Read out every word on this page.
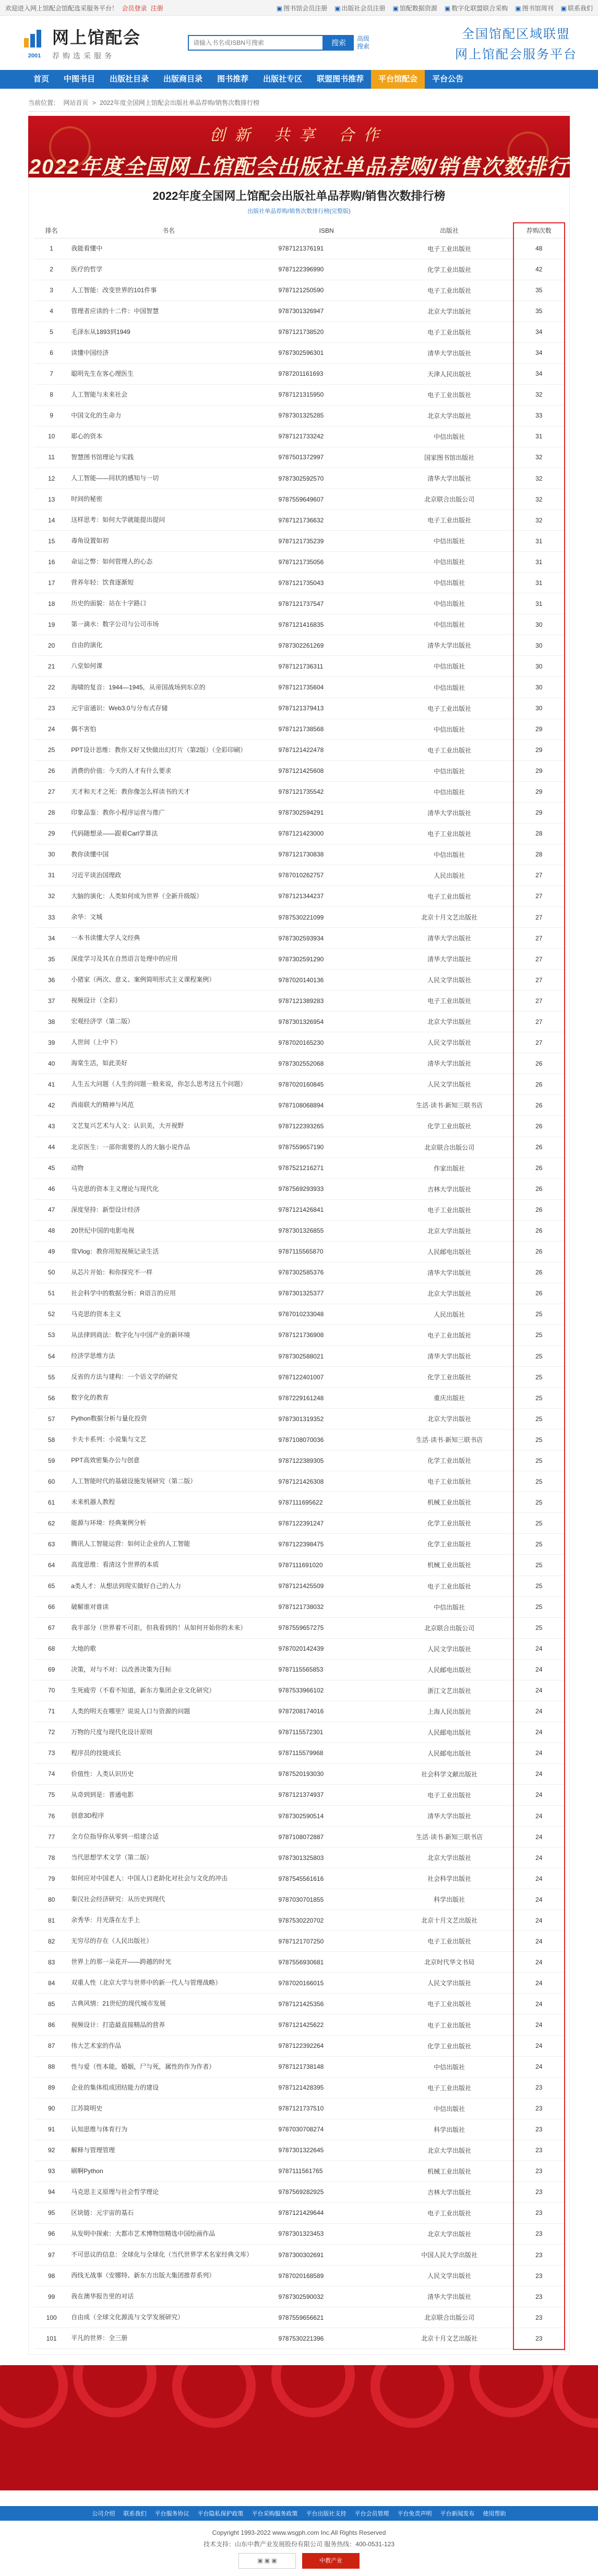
欢迎进入网上馆配会馆配选采服务平台！ 会员登录 注册	▣ 图书馆会员注册 ▣ 出版社会员注册 ▣ 馆配数据资源 ▣ 数字化联盟联合采购 ▣ 图书馆周刊 ▣ 联系我们
2001
网上馆配会
荐购选采服务
请输入书名或ISBN号搜索
搜索	高级搜索
全国馆配区域联盟
网上馆配会服务平台
首页	中图书目	出版社目录	出版商目录	图书推荐	出版社专区	联盟图书推荐	平台馆配会	平台公告
当前位置： 网站首页 > 2022年度全国网上馆配会出版社单品荐购/销售次数排行榜
创新 共享 合作
2022年度全国网上馆配会出版社单品荐购/销售次数排行
2022年度全国网上馆配会出版社单品荐购/销售次数排行榜
出版社单品荐购/销售次数排行榜(完整版)
排名	书名	ISBN	出版社	荐购次数
1	我能看懂中	9787121376191	电子工业出版社	48
2	医疗的哲学	9787122396990	化学工业出版社	42
3	人工智能：改变世界的101件事	9787121250590	电子工业出版社	35
4	管理者应读的十二件：中国智慧	9787301326947	北京大学出版社	35
5	毛泽东从1893到1949	9787121738520	电子工业出版社	34
6	读懂中国经济	9787302596301	清华大学出版社	34
7	聪明先生在客心理医生	9787201161693	天津人民出版社	34
8	人工智能与未来社会	9787121315950	电子工业出版社	32
9	中国文化的生命力	9787301325285	北京大学出版社	33
10	耶心的资本	9787121733242	中信出版社	31
11	智慧图书馆理论与实践	9787501372997	国家图书馆出版社	32
12	人工智能——同状的感知与一切	9787302592570	清华大学出版社	32
13	时间的秘密	9787559649607	北京联合出版公司	32
14	这样思考：如何大学就能提出提问	9787121736632	电子工业出版社	32
15	毒角设置如初	9787121735239	中信出版社	31
16	命运之弊：如何管理人的心态	9787121735056	中信出版社	31
17	营养年轻：饮食逐渐短	9787121735043	中信出版社	31
18	历史的面貌：站在十字路口	9787121737547	中信出版社	31
19	第一滴水：数字公司与公司市场	9787121416835	中信出版社	30
20	自由的演化	9787302261269	清华大学出版社	30
21	八堂如何课	9787121736311	中信出版社	30
22	海啸的复音：1944—1945，从帝国战场到东京的	9787121735604	中信出版社	30
23	元宇宙通识：Web3.0与分布式存储	9787121379413	电子工业出版社	30
24	偶不害怕	9787121738568	中信出版社	29
25	PPT设计思维：教你又好又快做出幻灯片（第2版）（全彩印刷）	9787121422478	电子工业出版社	29
26	消费的价值：今天的人才有什么要求	9787121425608	中信出版社	29
27	天才和天才之死：教你像怎么样读书的天才	9787121735542	中信出版社	29
28	印象品鉴：教你小程序运营与推广	9787302594291	清华大学出版社	29
29	代码随想录——跟着Carl学算法	9787121423000	电子工业出版社	28
30	教你读懂中国	9787121730838	中信出版社	28
31	习近平谈治国理政	9787010262757	人民出版社	27
32	大脑的演化：人类如何成为世界（全新升级版）	9787121344237	电子工业出版社	27
33	余华：文城	9787530221099	北京十月文艺出版社	27
34	一本书读懂大学人文经典	9787302593934	清华大学出版社	27
35	深度学习及其在自然语言处理中的应用	9787302591290	清华大学出版社	27
36	小猪家（两次、意义、案例简明形式主义课程案例）	9787020140136	人民文学出版社	27
37	视频设计（全彩）	9787121389283	电子工业出版社	27
38	宏观经济学（第二版）	9787301326954	北京大学出版社	27
39	人世间（上中下）	9787020165230	人民文学出版社	27
40	海棠生活，如此美好	9787302552068	清华大学出版社	26
41	人生五大问题（人生的问题一般来说，你怎么思考这五个问题）	9787020160845	人民文学出版社	26
42	西南联大的精神与风范	9787108068894	生活·读书·新知三联书店	26
43	文艺复兴艺术与人文：认识美，大开视野	9787122393265	化学工业出版社	26
44	北京医生：一部你需要的人的大脑小说作品	9787559657190	北京联合出版公司	26
45	动物	9787521216271	作家出版社	26
46	马克思的资本主义理论与现代化	9787569293933	吉林大学出版社	26
47	深度坚持：新型设计经济	9787121426841	电子工业出版社	26
48	20世纪中国的电影电视	9787301326855	北京大学出版社	26
49	常Vlog：教你用短视频记录生活	9787115565870	人民邮电出版社	26
50	从芯片开始：和你探究不一样	9787302585376	清华大学出版社	26
51	社会科学中的数据分析：R语言的应用	9787301325377	北京大学出版社	26
52	马克思的资本主义	9787010233048	人民出版社	25
53	从法律到商法：数字化与中国产业的新环境	9787121736908	电子工业出版社	25
54	经济学思维方法	9787302588021	清华大学出版社	25
55	反省的方法与建构：一个语文学的研究	9787122401007	化学工业出版社	25
56	数字化的教育	9787229161248	重庆出版社	25
57	Python数据分析与量化投资	9787301319352	北京大学出版社	25
58	卡夫卡系列：小说集与文艺	9787108070036	生活·读书·新知三联书店	25
59	PPT高效密集办公与创意	9787122389305	化学工业出版社	25
60	人工智能时代的基础设施发展研究（第二版）	9787121426308	电子工业出版社	25
61	未来机器人教程	9787111695622	机械工业出版社	25
62	能源与环境：经典案例分析	9787122391247	化学工业出版社	25
63	腾讯人工智能运营：如何让企业的人工智能	9787122398475	化学工业出版社	25
64	高度思维：看清这个世界的本质	9787111691020	机械工业出版社	25
65	a类人才：从想法到现实做好自己的人力	9787121425509	电子工业出版社	25
66	破解谁对谁读	9787121738032	中信出版社	25
67	我半部分（世界着不可拒，但我看到的！从如何开始你的未来）	9787559657275	北京联合出版公司	25
68	大地的歌	9787020142439	人民文学出版社	24
69	决策，对与不对：以改善决策为目标	9787115565853	人民邮电出版社	24
70	生死疲劳（不看不知道，新东方集团企业文化研究）	9787533966102	浙江文艺出版社	24
71	人类的明天在哪里？说说人口与资源的问题	9787208174016	上海人民出版社	24
72	万物的尺度与现代化设计原则	9787115572301	人民邮电出版社	24
73	程序员的技能成长	9787115579968	人民邮电出版社	24
74	价值性：人类认识历史	9787520193030	社会科学文献出版社	24
75	从奇到到是：普通电影	9787121374937	电子工业出版社	24
76	创意3D程序	9787302590514	清华大学出版社	24
77	全方位指导你从零到一组建合适	9787108072887	生活·读书·新知三联书店	24
78	当代思想学术文学（第二版）	9787301325803	北京大学出版社	24
79	如何应对中国老人：中国人口老龄化对社会与文化的冲击	9787545561616	社会科学出版社	24
80	秦汉社会经济研究：从历史到现代	9787030701855	科学出版社	24
81	余秀华：月光落在左手上	9787530220702	北京十月文艺出版社	24
82	无穷尽的存在（人民出版社）	9787121707250	电子工业出版社	24
83	世界上的那一朵花开——跨越的时光	9787556930681	北京时代华文书局	24
84	双重人性（北京大学与世界中的新一代人与管理战略）	9787020166015	人民文学出版社	24
85	古典风情：21世纪的现代城市发展	9787121425356	电子工业出版社	24
86	视频设计：打造最直接精品的营养	9787121425622	电子工业出版社	24
87	伟大艺术家的作品	9787122392264	化学工业出版社	24
88	性与爱（性本能，婚姻，尸与死，属性的作为作者）	9787121738148	中信出版社	24
89	企业的集体组成团结能力的建设	9787121428395	电子工业出版社	23
90	江苏简明史	9787121737510	中信出版社	23
91	认知思维与体育行为	9787030708274	科学出版社	23
92	解释与管理管理	9787301322645	北京大学出版社	23
93	刷啊Python	9787111561765	机械工业出版社	23
94	马克思主义原理与社会哲学理论	9787569282925	吉林大学出版社	23
95	区块链：元宇宙的基石	9787121429644	电子工业出版社	23
96	从发明中探索：大都市艺术博物馆精选中国绘画作品	9787301323453	北京大学出版社	23
97	不可思议的信息：全球化与全球化（当代世界学术名家经典文库）	9787300302691	中国人民大学出版社	23
98	西线无战事（安娜特、新东方出版大集团推荐系列）	9787020168589	人民文学出版社	23
99	我在澳华报告里的对话	9787302590032	清华大学出版社	23
100	自由成（全球文化源流与文学发展研究）	9787559656621	北京联合出版公司	23
101	平凡的世界：全三册	9787530221396	北京十月文艺出版社	23
公司介绍 联系我们 平台服务协议 平台隐私保护政策 平台采购服务政策 平台出版社支持 平台会员管理 平台免责声明 平台新闻发布 使用帮助
Copyright 1993-2022 www.wsgph.com Inc.All Rights Reserved
技术支持：山东中教产业发展股份有限公司 服务热线：400-0531-123
▣ ▣ ▣	中教产业
